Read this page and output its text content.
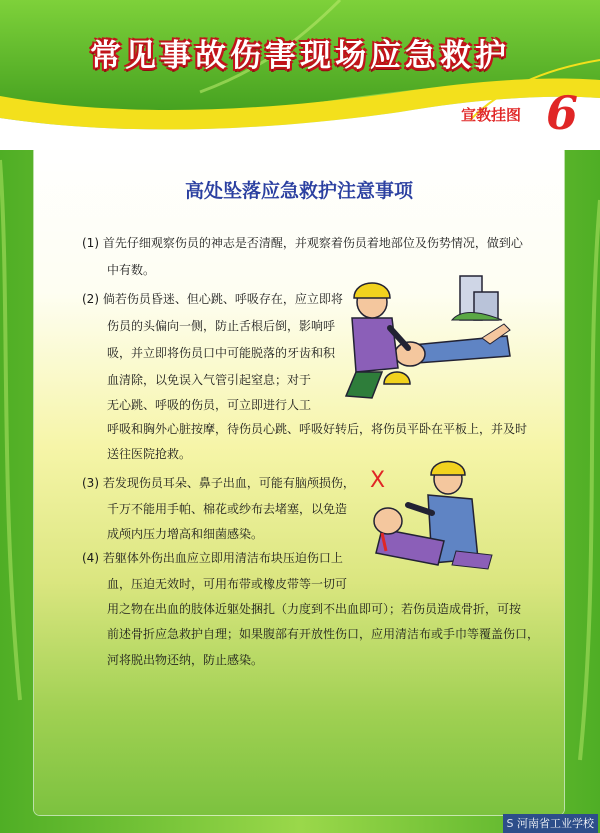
常见事故伤害现场应急救护
宣教挂图 6
高处坠落应急救护注意事项
(1) 首先仔细观察伤员的神志是否清醒，并观察着伤员着地部位及伤势情况，做到心
中有数。
(2) 倘若伤员昏迷、但心跳、呼吸存在，应立即将
伤员的头偏向一侧，防止舌根后倒，影响呼
吸，并立即将伤员口中可能脱落的牙齿和积
血清除，以免误入气管引起窒息；对于
无心跳、呼吸的伤员，可立即进行人工
呼吸和胸外心脏按摩，待伤员心跳、呼吸好转后，将伤员平卧在平板上，并及时
送往医院抢救。
(3) 若发现伤员耳朵、鼻子出血，可能有脑颅损伤，
千万不能用手帕、棉花或纱布去堵塞，以免造
成颅内压力增高和细菌感染。
(4) 若躯体外伤出血应立即用清洁布块压迫伤口上
血，压迫无效时，可用布带或橡皮带等一切可
用之物在出血的肢体近躯处捆扎（力度到不出血即可）；若伤员造成骨折，可按
前述骨折应急救护自理；如果腹部有开放性伤口，应用清洁布或手巾等覆盖伤口，
河将脱出物还纳，防止感染。
X
S 河南省工业学校
